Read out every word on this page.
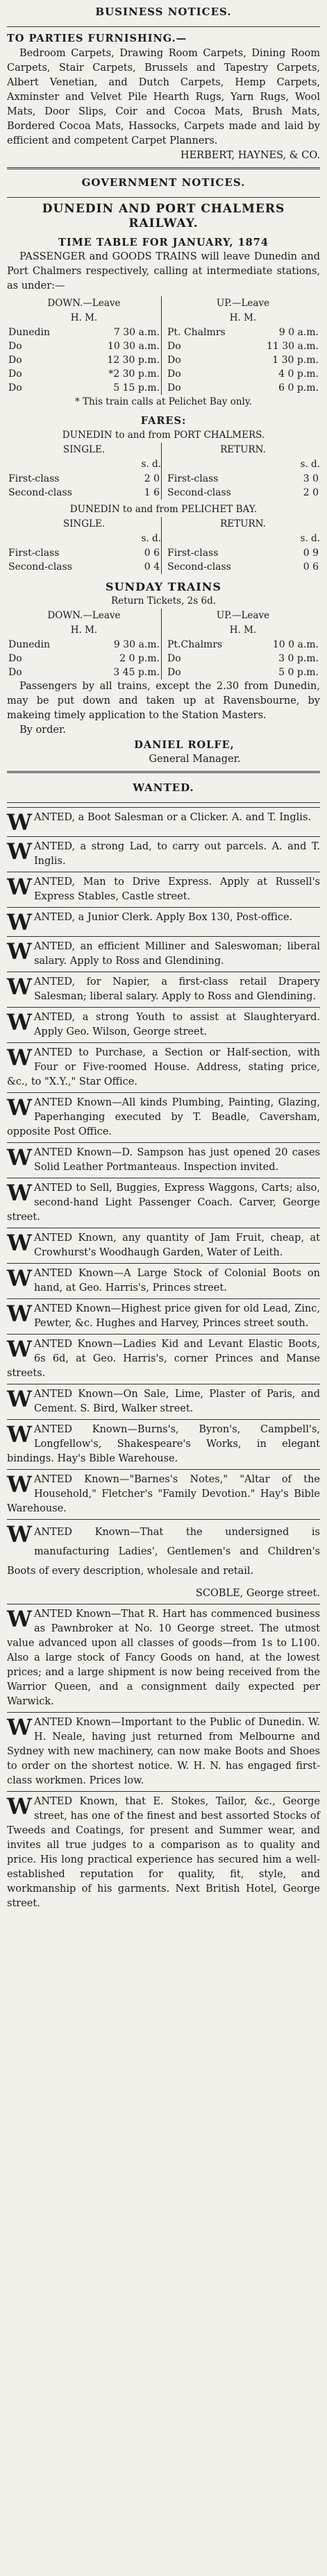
BUSINESS NOTICES.

TO PARTIES FURNISHING.—

Bedroom Carpets, Drawing Room Carpets, Dining Room Carpets, Stair Carpets, Brussels and Tapestry Carpets, Albert Venetian, and Dutch Carpets, Hemp Carpets, Axminster and Velvet Pile Hearth Rugs, Yarn Rugs, Wool Mats, Door Slips, Coir and Cocoa Mats, Brush Mats, Bordered Cocoa Mats, Hassocks, Carpets made and laid by efficient and competent Carpet Planners.

HERBERT, HAYNES, & CO.

GOVERNMENT NOTICES.

DUNEDIN AND PORT CHALMERS RAILWAY.

TIME TABLE FOR JANUARY, 1874

PASSENGER and GOODS TRAINS will leave Dunedin and Port Chalmers respectively, calling at intermediate stations, as under:—

DOWN.—Leave
H. M.
Dunedin	7 30 a.m.
Do	10 30 a.m.
Do	12 30 p.m.
Do	*2 30 p.m.
Do	5 15 p.m.
UP.—Leave
H. M.
Pt. Chalmrs	9 0 a.m.
Do	11 30 a.m.
Do	1 30 p.m.
Do	4 0 p.m.
Do	6 0 p.m.

* This train calls at Pelichet Bay only.

FARES:

DUNEDIN to and from PORT CHALMERS.

SINGLE.
s. d.
First-class	2 0
Second-class	1 6
RETURN.
s. d.
First-class	3 0
Second-class	2 0

DUNEDIN to and from PELICHET BAY.

SINGLE.
s. d.
First-class	0 6
Second-class	0 4
RETURN.
s. d.
First-class	0 9
Second-class	0 6

SUNDAY TRAINS

Return Tickets, 2s 6d.

DOWN.—Leave
H. M.
Dunedin	9 30 a.m.
Do	2 0 p.m.
Do	3 45 p.m.
UP.—Leave
H. M.
Pt.Chalmrs	10 0 a.m.
Do	3 0 p.m.
Do	5 0 p.m.

Passengers by all trains, except the 2.30 from Dunedin, may be put down and taken up at Ravensbourne, by makeing timely application to the Station Masters.

By order.

DANIEL ROLFE,

General Manager.

WANTED.
W ANTED, a Boot Salesman or a Clicker. A. and T. Inglis.

W ANTED, a strong Lad, to carry out parcels. A. and T. Inglis.

W ANTED, Man to Drive Express. Apply at Russell's Express Stables, Castle street.

W ANTED, a Junior Clerk. Apply Box 130, Post-office.

W ANTED, an efficient Milliner and Saleswoman; liberal salary. Apply to Ross and Glendining.

W ANTED, for Napier, a first-class retail Drapery Salesman; liberal salary. Apply to Ross and Glendining.

W ANTED, a strong Youth to assist at Slaughteryard. Apply Geo. Wilson, George street.

W ANTED to Purchase, a Section or Half-section, with Four or Five-roomed House. Address, stating price, &c., to "X.Y.," Star Office.

W ANTED Known—All kinds Plumbing, Painting, Glazing, Paperhanging executed by T. Beadle, Caversham, opposite Post Office.

W ANTED Known—D. Sampson has just opened 20 cases Solid Leather Portmanteaus. Inspection invited.

W ANTED to Sell, Buggies, Express Waggons, Carts; also, second-hand Light Passenger Coach. Carver, George street.

W ANTED Known, any quantity of Jam Fruit, cheap, at Crowhurst's Woodhaugh Garden, Water of Leith.

W ANTED Known—A Large Stock of Colonial Boots on hand, at Geo. Harris's, Princes street.

W ANTED Known—Highest price given for old Lead, Zinc, Pewter, &c. Hughes and Harvey, Princes street south.

W ANTED Known—Ladies Kid and Levant Elastic Boots, 6s 6d, at Geo. Harris's, corner Princes and Manse streets.

W ANTED Known—On Sale, Lime, Plaster of Paris, and Cement. S. Bird, Walker street.

W ANTED Known—Burns's, Byron's, Campbell's, Longfellow's, Shakespeare's Works, in elegant bindings. Hay's Bible Warehouse.

W ANTED Known—"Barnes's Notes," "Altar of the Household," Fletcher's "Family Devotion." Hay's Bible Warehouse.

W ANTED Known—That the undersigned is manufacturing Ladies', Gentlemen's and Children's Boots of every description, wholesale and retail.

SCOBLE, George street.

W ANTED Known—That R. Hart has commenced business as Pawnbroker at No. 10 George street. The utmost value advanced upon all classes of goods—from 1s to L100. Also a large stock of Fancy Goods on hand, at the lowest prices; and a large shipment is now being received from the Warrior Queen, and a consignment daily expected per Warwick.

W ANTED Known—Important to the Public of Dunedin. W. H. Neale, having just returned from Melbourne and Sydney with new machinery, can now make Boots and Shoes to order on the shortest notice. W. H. N. has engaged first-class workmen. Prices low.

W ANTED Known, that E. Stokes, Tailor, &c., George street, has one of the finest and best assorted Stocks of Tweeds and Coatings, for present and Summer wear, and invites all true judges to a comparison as to quality and price. His long practical experience has secured him a well-established reputation for quality, fit, style, and workmanship of his garments. Next British Hotel, George street.
